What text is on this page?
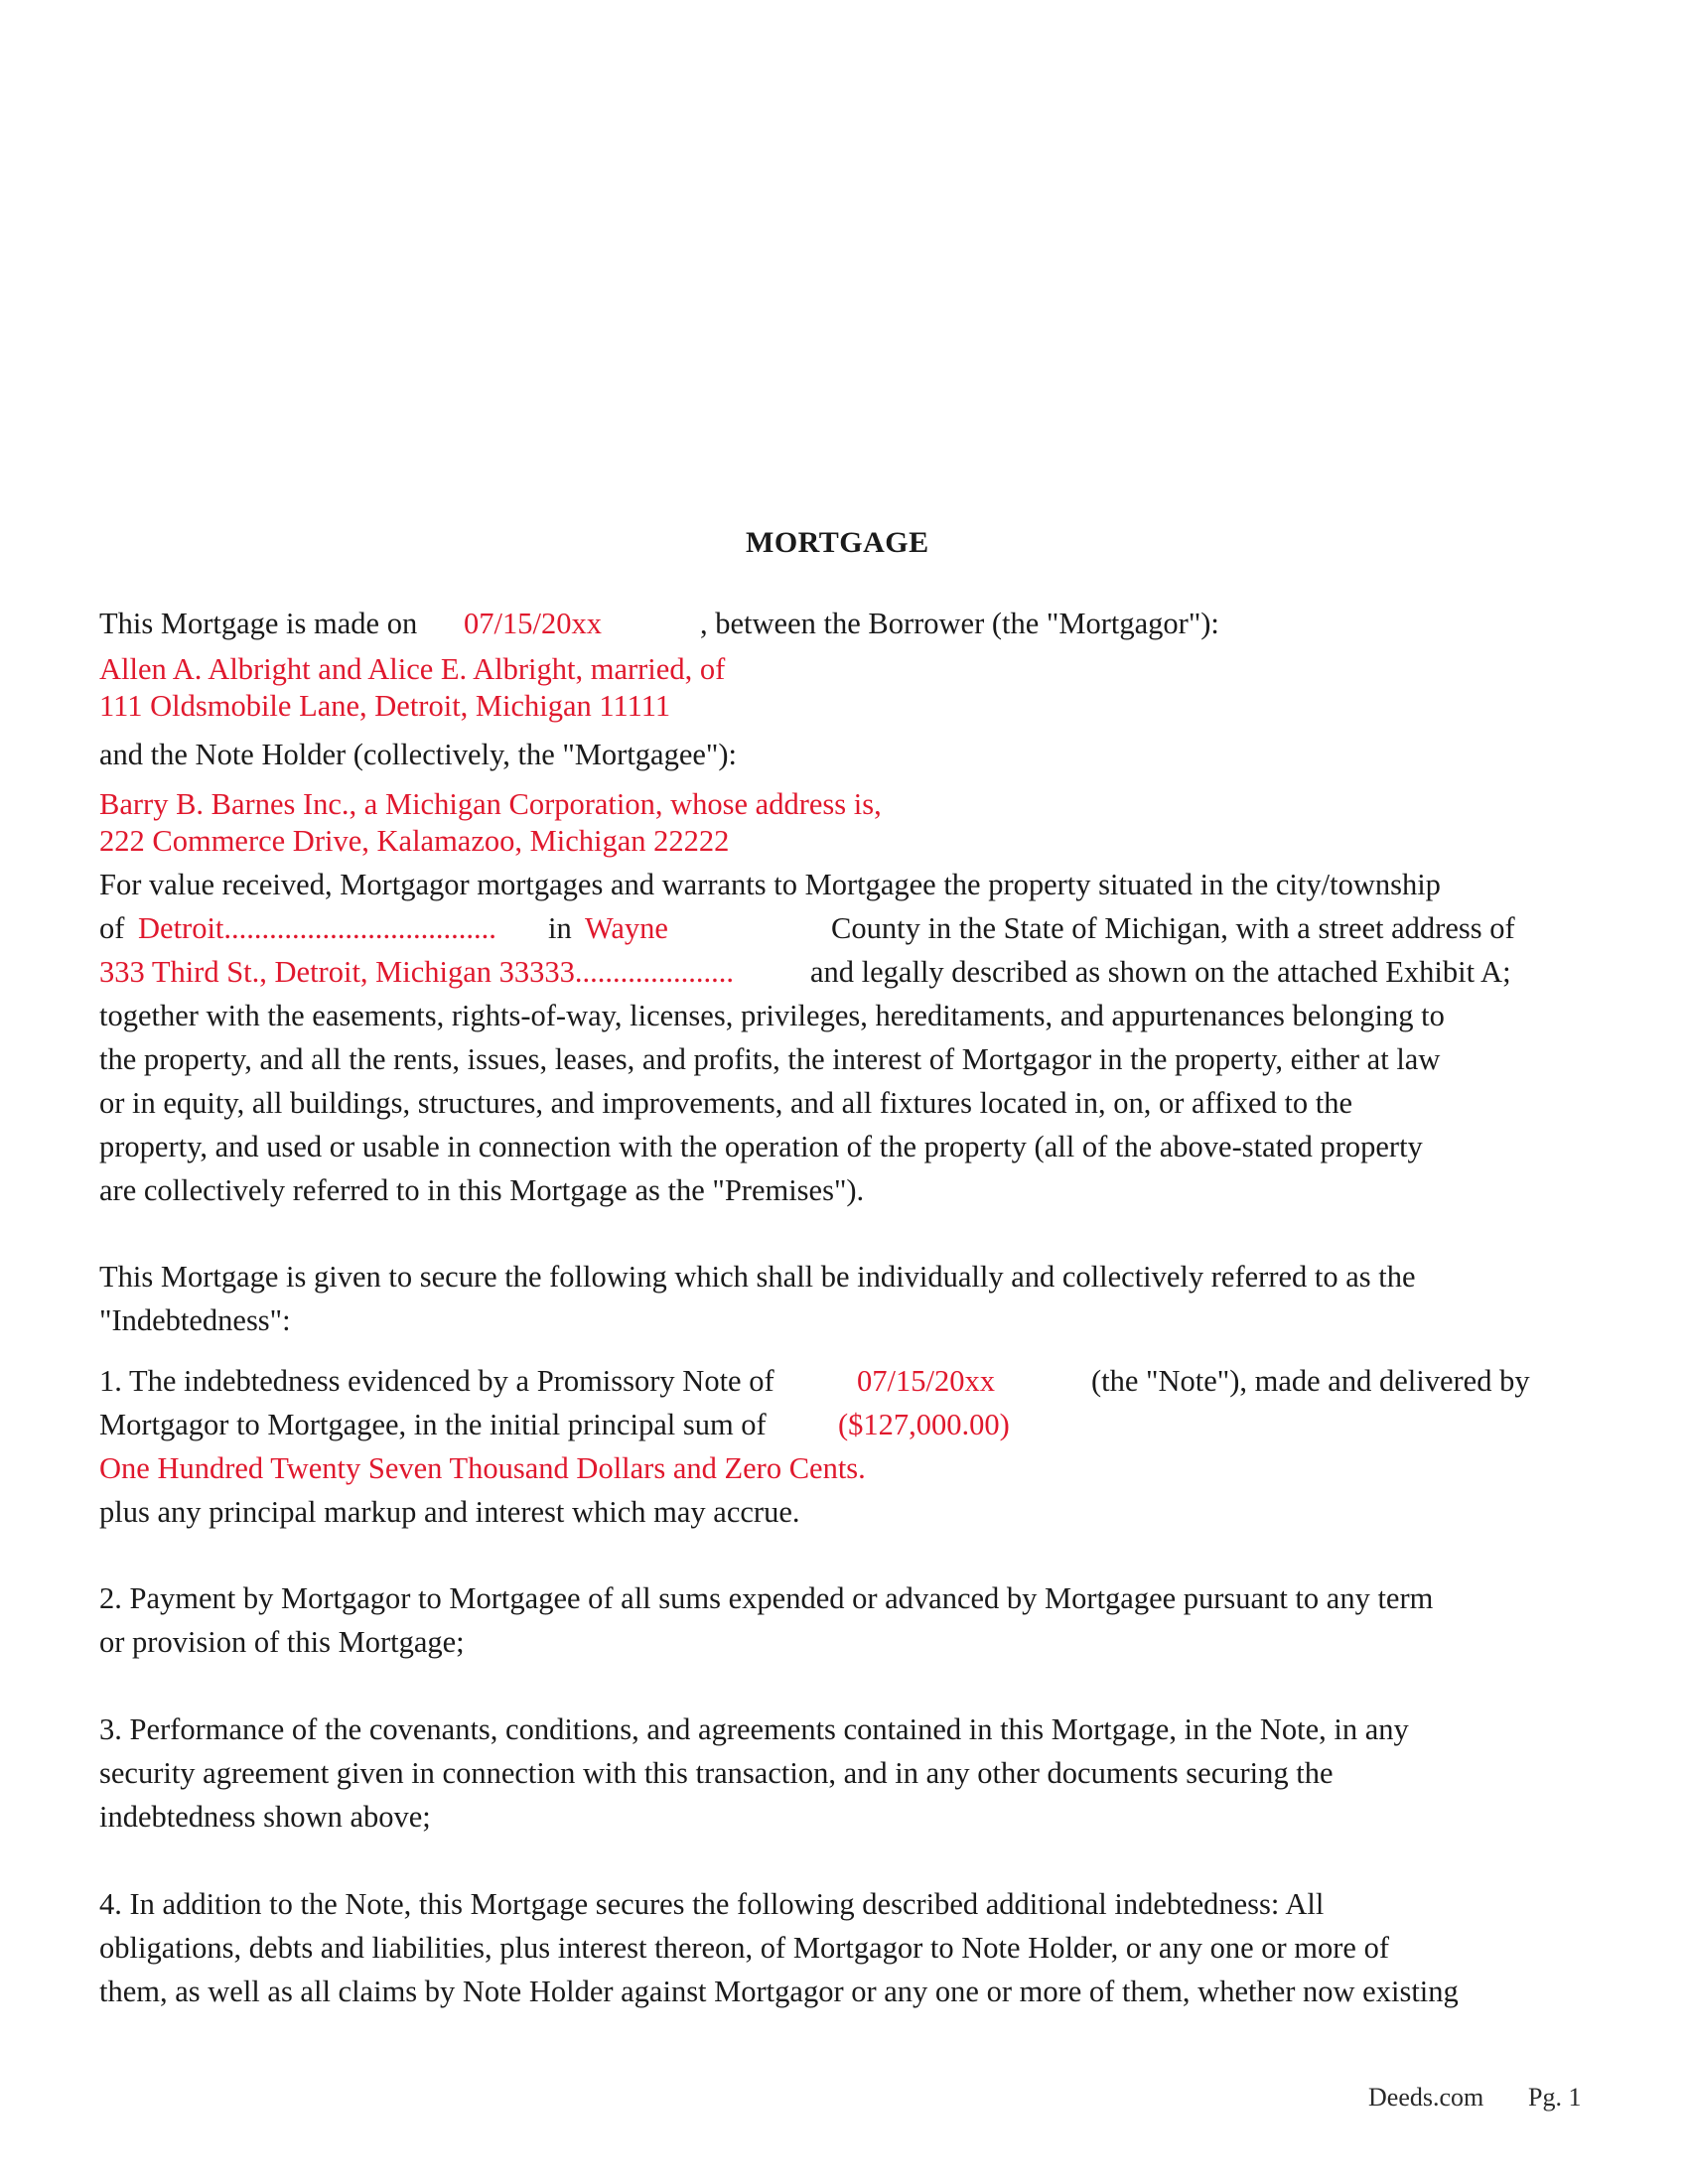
MORTGAGE
This Mortgage is made on 07/15/20xx	, between the Borrower (the "Mortgagor"):
Allen A. Albright and Alice E. Albright, married, of
111 Oldsmobile Lane, Detroit, Michigan 11111
and the Note Holder (collectively, the "Mortgagee"):
Barry B. Barnes Inc., a Michigan Corporation, whose address is,
222 Commerce Drive, Kalamazoo, Michigan 22222
For value received, Mortgagor mortgages and warrants to Mortgagee the property situated in the city/township
of Detroit.................................... in Wayne	County in the State of Michigan, with a street address of
333 Third St., Detroit, Michigan 33333.....................	and legally described as shown on the attached Exhibit A;
together with the easements, rights-of-way, licenses, privileges, hereditaments, and appurtenances belonging to
the property, and all the rents, issues, leases, and profits, the interest of Mortgagor in the property, either at law
or in equity, all buildings, structures, and improvements, and all fixtures located in, on, or affixed to the
property, and used or usable in connection with the operation of the property (all of the above-stated property
are collectively referred to in this Mortgage as the "Premises").
This Mortgage is given to secure the following which shall be individually and collectively referred to as the
"Indebtedness":
1. The indebtedness evidenced by a Promissory Note of	07/15/20xx	(the "Note"), made and delivered by
Mortgagor to Mortgagee, in the initial principal sum of ($127,000.00)
One Hundred Twenty Seven Thousand Dollars and Zero Cents.
plus any principal markup and interest which may accrue.
2. Payment by Mortgagor to Mortgagee of all sums expended or advanced by Mortgagee pursuant to any term
or provision of this Mortgage;
3. Performance of the covenants, conditions, and agreements contained in this Mortgage, in the Note, in any
security agreement given in connection with this transaction, and in any other documents securing the
indebtedness shown above;
4. In addition to the Note, this Mortgage secures the following described additional indebtedness: All
obligations, debts and liabilities, plus interest thereon, of Mortgagor to Note Holder, or any one or more of
them, as well as all claims by Note Holder against Mortgagor or any one or more of them, whether now existing
Deeds.com Pg. 1
